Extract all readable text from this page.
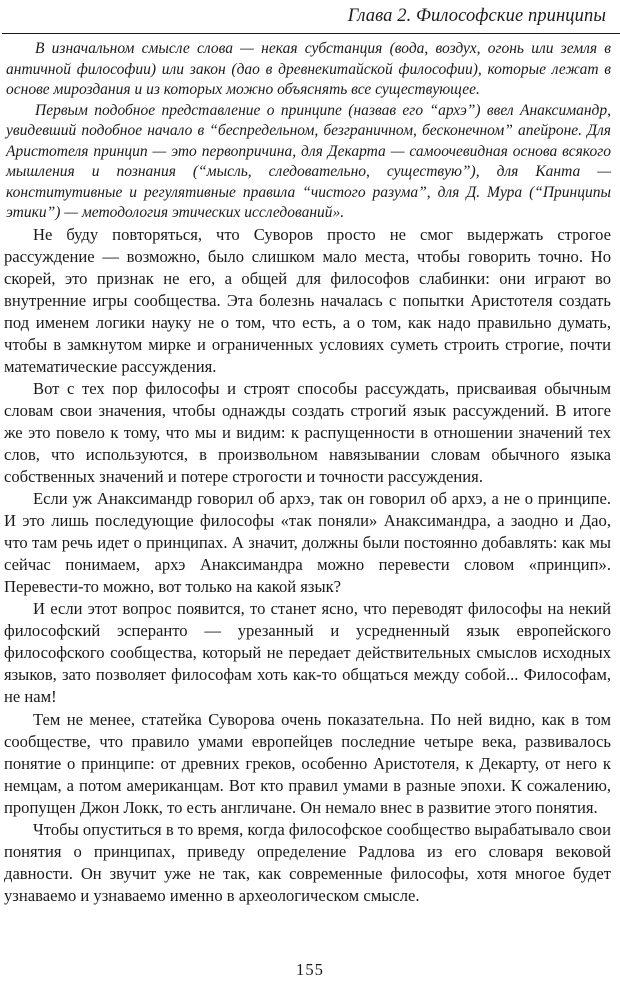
Глава 2. Философские принципы

В изначальном смысле слова — некая субстанция (вода, воздух, огонь или земля в античной философии) или закон (дао в древнекитайской философии), которые лежат в основе мироздания и из которых можно объяснять все существующее.

Первым подобное представление о принципе (назвав его “архэ”) ввел Анаксимандр, увидевший подобное начало в “беспредельном, безграничном, бесконечном” апейроне. Для Аристотеля принцип — это первопричина, для Декарта — самоочевидная основа всякого мышления и познания (“мысль, следовательно, существую”), для Канта — конститутивные и регулятивные правила “чистого разума”, для Д. Мура (“Принципы этики”) — методология этических исследований».

Не буду повторяться, что Суворов просто не смог выдержать строгое рассуждение — возможно, было слишком мало места, чтобы говорить точно. Но скорей, это признак не его, а общей для философов слабинки: они играют во внутренние игры сообщества. Эта болезнь началась с попытки Аристотеля создать под именем логики науку не о том, что есть, а о том, как надо правильно думать, чтобы в замкнутом мирке и ограниченных условиях суметь строить строгие, почти математические рассуждения.

Вот с тех пор философы и строят способы рассуждать, присваивая обычным словам свои значения, чтобы однажды создать строгий язык рассуждений. В итоге же это повело к тому, что мы и видим: к распущенности в отношении значений тех слов, что используются, в произвольном навязывании словам обычного языка собственных значений и потере строгости и точности рассуждения.

Если уж Анаксимандр говорил об архэ, так он говорил об архэ, а не о принципе. И это лишь последующие философы «так поняли» Анаксимандра, а заодно и Дао, что там речь идет о принципах. А значит, должны были постоянно добавлять: как мы сейчас понимаем, архэ Анаксимандра можно перевести словом «принцип». Перевести-то можно, вот только на какой язык?

И если этот вопрос появится, то станет ясно, что переводят философы на некий философский эсперанто — урезанный и усредненный язык европейского философского сообщества, который не передает действительных смыслов исходных языков, зато позволяет философам хоть как-то общаться между собой... Философам, не нам!

Тем не менее, статейка Суворова очень показательна. По ней видно, как в том сообществе, что правило умами европейцев последние четыре века, развивалось понятие о принципе: от древних греков, особенно Аристотеля, к Декарту, от него к немцам, а потом американцам. Вот кто правил умами в разные эпохи. К сожалению, пропущен Джон Локк, то есть англичане. Он немало внес в развитие этого понятия.

Чтобы опуститься в то время, когда философское сообщество вырабатывало свои понятия о принципах, приведу определение Радлова из его словаря вековой давности. Он звучит уже не так, как современные философы, хотя многое будет узнаваемо и узнаваемо именно в археологическом смысле.

155
